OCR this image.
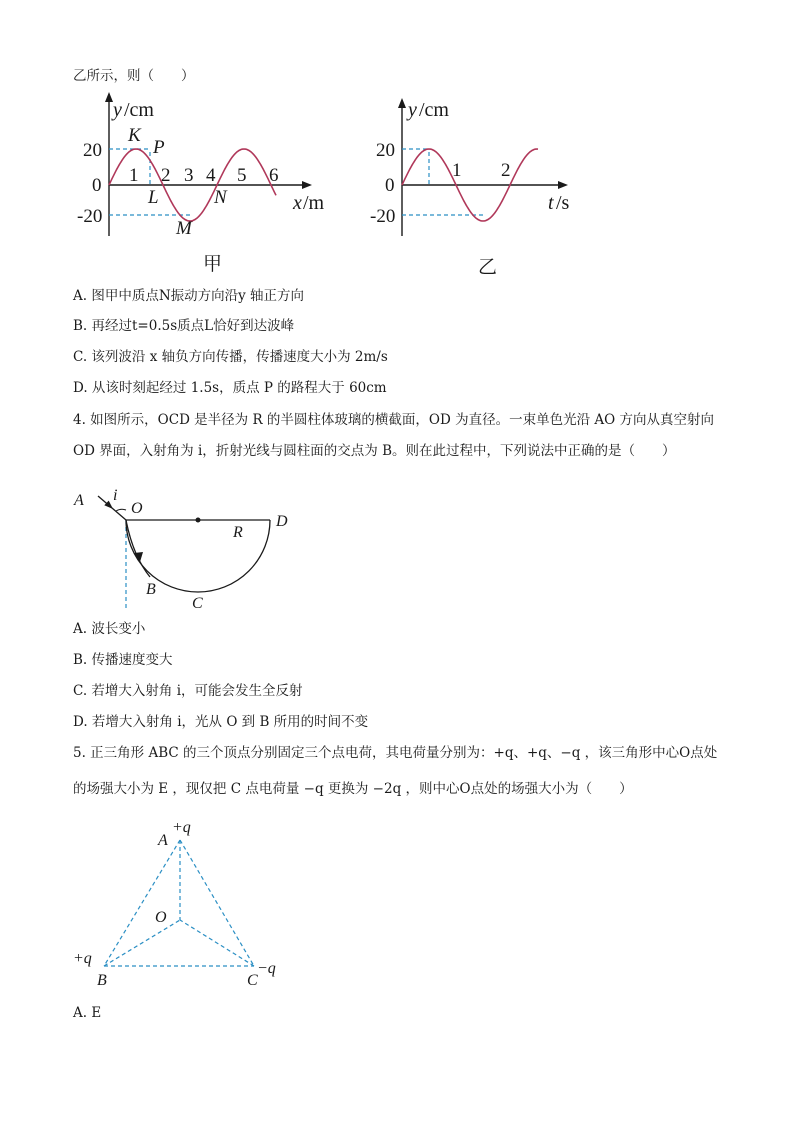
乙所示，则（　　）
y /cm
20
0
-20
1 2 3 4 5 6
K
P
L	N
M
x /m
y /cm
20
0
-20
1 2
t /s
甲	乙
A. 图甲中质点N振动方向沿y 轴正方向
B. 再经过t=0.5s质点L恰好到达波峰
C. 该列波沿 x 轴负方向传播，传播速度大小为 2m/s
D. 从该时刻起经过 1.5s，质点 P 的路程大于 60cm
4. 如图所示，OCD 是半径为 R 的半圆柱体玻璃的横截面，OD 为直径。一束单色光沿 AO 方向从真空射向
OD 界面，入射角为 i，折射光线与圆柱面的交点为 B。则在此过程中，下列说法中正确的是（　　）
A i
O
D
R
B
C
A. 波长变小
B. 传播速度变大
C. 若增大入射角 i，可能会发生全反射
D. 若增大入射角 i，光从 O 到 B 所用的时间不变
5. 正三角形 ABC 的三个顶点分别固定三个点电荷，其电荷量分别为：+q、+q、−q ，该三角形中心O点处
的场强大小为 E ，现仅把 C 点电荷量 −q 更换为 −2q ，则中心O点处的场强大小为（　　）
A
+q
O
+q
B	C
−q
A. E
